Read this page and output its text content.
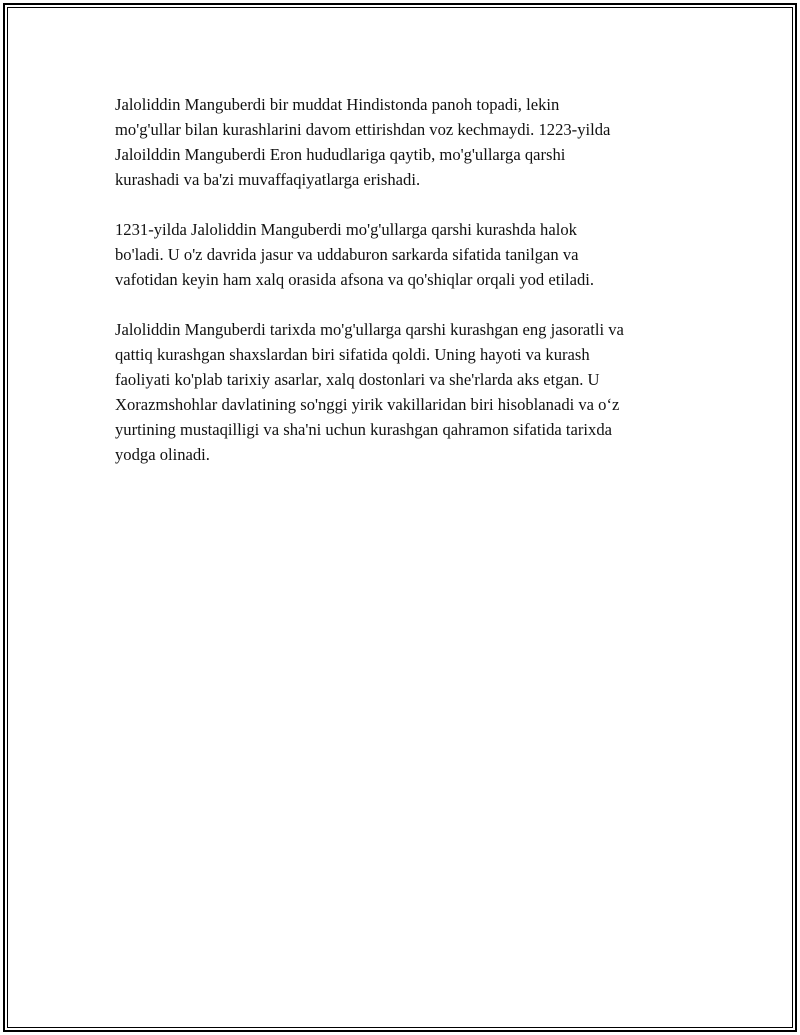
Jaloliddin Manguberdi bir muddat Hindistonda panoh topadi, lekin
mo'g'ullar bilan kurashlarini davom ettirishdan voz kechmaydi. 1223-yilda
Jaloilddin Manguberdi Eron hududlariga qaytib, mo'g'ullarga qarshi
kurashadi va ba'zi muvaffaqiyatlarga erishadi.

1231-yilda Jaloliddin Manguberdi mo'g'ullarga qarshi kurashda halok
bo'ladi. U o'z davrida jasur va uddaburon sarkarda sifatida tanilgan va
vafotidan keyin ham xalq orasida afsona va qo'shiqlar orqali yod etiladi.

Jaloliddin Manguberdi tarixda mo'g'ullarga qarshi kurashgan eng jasoratli va
qattiq kurashgan shaxslardan biri sifatida qoldi. Uning hayoti va kurash
faoliyati ko'plab tarixiy asarlar, xalq dostonlari va she'rlarda aks etgan. U
Xorazmshohlar davlatining so'nggi yirik vakillaridan biri hisoblanadi va o‘z
yurtining mustaqilligi va sha'ni uchun kurashgan qahramon sifatida tarixda
yodga olinadi.
